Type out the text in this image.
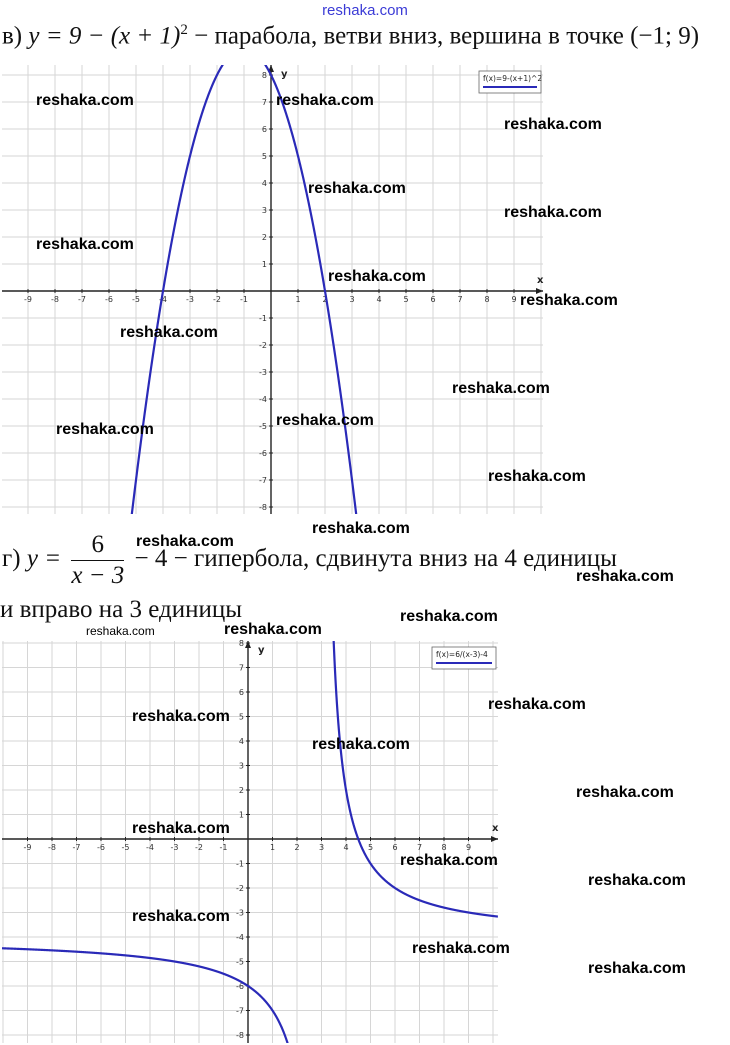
reshaka.com
в) $y = 9 - (x + 1)^2$ − парабола, ветви вниз, вершина в точке (−1; 9)
-9 -8 -7 -6 -5 -4 -3 -2 -1	1	2	3	4	5	6	7	8	9
-8
-7
-6
-5
-4
-3
-2
-1
1
2
3
4
5
6
7
8
x
y	f(x)=9-(x+1)^2
г) $y = \frac{6}{x - 3} - 4$ − гипербола, сдвинута вниз на 4 единицы
и вправо на 3 единицы
-9 -8 -7 -6 -5 -4 -3 -2 -1	1 2 3 4 5 6 7 8 9
-8
-7
-6
-5
-4
-3
-2
-1
1
2
3
4
5
6
7
8
x
y	f(x)=6/(x-3)-4
reshaka.com	reshaka.com
reshaka.com
reshaka.com
reshaka.com
reshaka.com
reshaka.com
reshaka.com
reshaka.com
reshaka.com
reshaka.com
reshaka.com
reshaka.com
reshaka.com
reshaka.com
reshaka.com
reshaka.com
reshaka.com	reshaka.com
reshaka.com
reshaka.com
reshaka.com
reshaka.com
reshaka.com
reshaka.com
reshaka.com
reshaka.com
reshaka.com
reshaka.com
